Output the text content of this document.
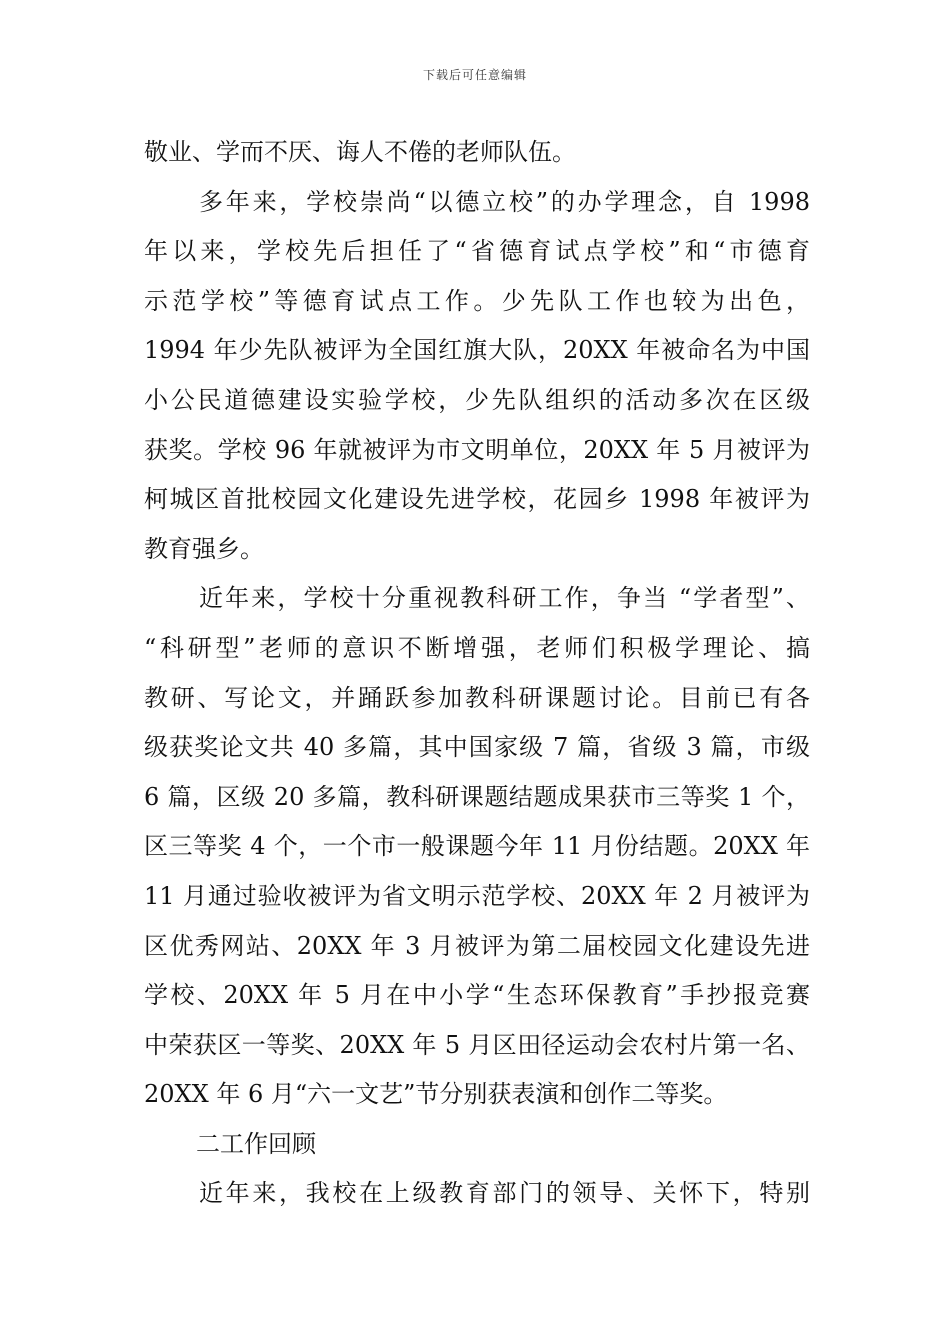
下载后可任意编辑
敬业、学而不厌、诲人不倦的老师队伍。
多年来，学校崇尚“以德立校”的办学理念，自 1998
年以来，学校先后担任了“省德育试点学校”和“市德育
示范学校”等德育试点工作。少先队工作也较为出色，
1994 年少先队被评为全国红旗大队，20XX 年被命名为中国
小公民道德建设实验学校，少先队组织的活动多次在区级
获奖。学校 96 年就被评为市文明单位，20XX 年 5 月被评为
柯城区首批校园文化建设先进学校，花园乡 1998 年被评为
教育强乡。
近年来，学校十分重视教科研工作，争当 “学者型”、
“科研型”老师的意识不断增强，老师们积极学理论、搞
教研、写论文，并踊跃参加教科研课题讨论。目前已有各
级获奖论文共 40 多篇，其中国家级 7 篇，省级 3 篇，市级
6 篇，区级 20 多篇，教科研课题结题成果获市三等奖 1 个，
区三等奖 4 个，一个市一般课题今年 11 月份结题。20XX 年
11 月通过验收被评为省文明示范学校、20XX 年 2 月被评为
区优秀网站、20XX 年 3 月被评为第二届校园文化建设先进
学校、20XX 年 5 月在中小学“生态环保教育”手抄报竞赛
中荣获区一等奖、20XX 年 5 月区田径运动会农村片第一名、
20XX 年 6 月“六一文艺”节分别获表演和创作二等奖。
二工作回顾
近年来，我校在上级教育部门的领导、关怀下，特别
